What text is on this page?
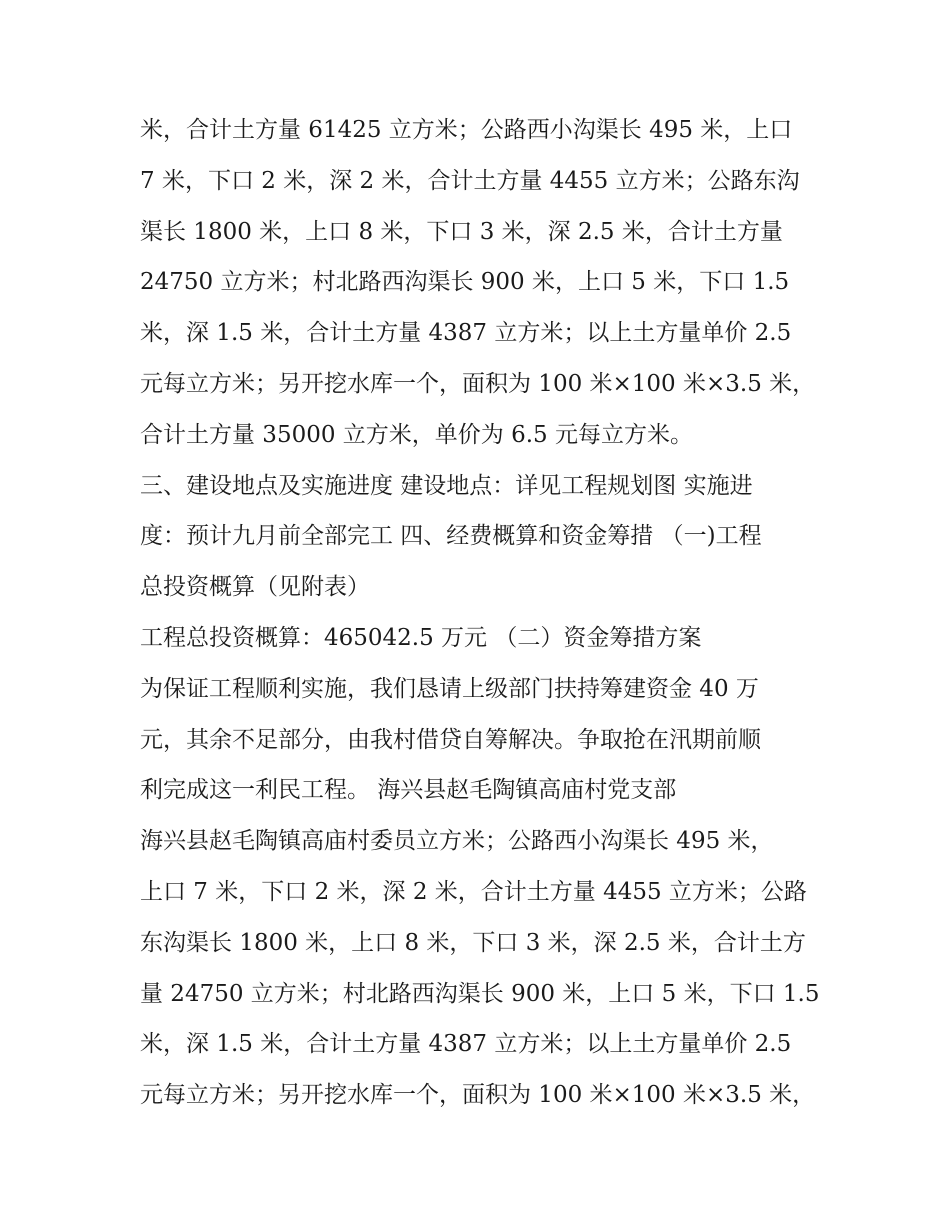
米，合计土方量 61425 立方米；公路西小沟渠长 495 米，上口
7 米，下口 2 米，深 2 米，合计土方量 4455 立方米；公路东沟
渠长 1800 米，上口 8 米，下口 3 米，深 2.5 米，合计土方量
24750 立方米；村北路西沟渠长 900 米，上口 5 米，下口 1.5
米，深 1.5 米，合计土方量 4387 立方米；以上土方量单价 2.5
元每立方米；另开挖水库一个，面积为 100 米×100 米×3.5 米，
合计土方量 35000 立方米，单价为 6.5 元每立方米。
三、建设地点及实施进度 建设地点：详见工程规划图 实施进
度：预计九月前全部完工 四、经费概算和资金筹措 （一)工程
总投资概算（见附表）
工程总投资概算：465042.5 万元 （二）资金筹措方案
为保证工程顺利实施，我们恳请上级部门扶持筹建资金 40 万
元，其余不足部分，由我村借贷自筹解决。争取抢在汛期前顺
利完成这一利民工程。 海兴县赵毛陶镇高庙村党支部
海兴县赵毛陶镇高庙村委员立方米；公路西小沟渠长 495 米，
上口 7 米，下口 2 米，深 2 米，合计土方量 4455 立方米；公路
东沟渠长 1800 米，上口 8 米，下口 3 米，深 2.5 米，合计土方
量 24750 立方米；村北路西沟渠长 900 米，上口 5 米，下口 1.5
米，深 1.5 米，合计土方量 4387 立方米；以上土方量单价 2.5
元每立方米；另开挖水库一个，面积为 100 米×100 米×3.5 米，
